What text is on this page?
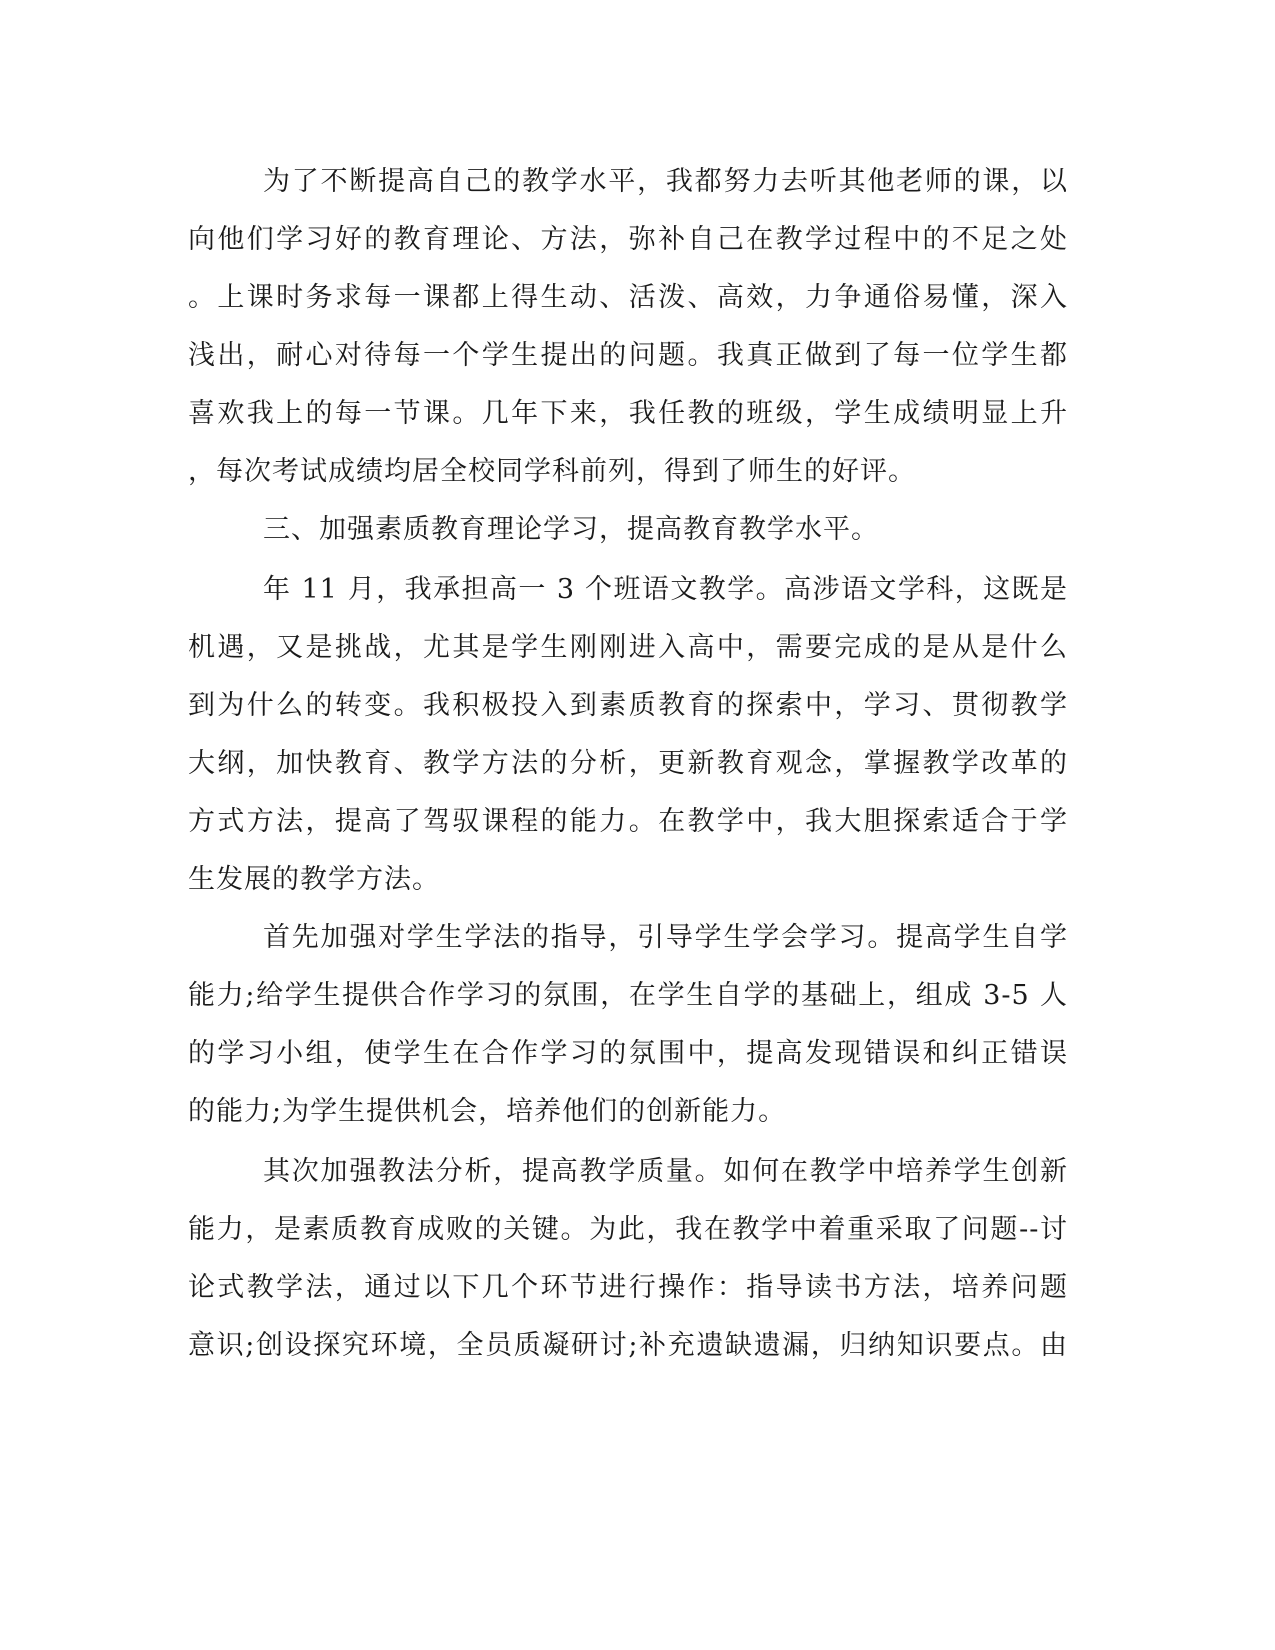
为了不断提高自己的教学水平，我都努力去听其他老师的课，以
向他们学习好的教育理论、方法，弥补自己在教学过程中的不足之处
。上课时务求每一课都上得生动、活泼、高效，力争通俗易懂，深入
浅出，耐心对待每一个学生提出的问题。我真正做到了每一位学生都
喜欢我上的每一节课。几年下来，我任教的班级，学生成绩明显上升
，每次考试成绩均居全校同学科前列，得到了师生的好评。
三、加强素质教育理论学习，提高教育教学水平。
年 11 月，我承担高一 3 个班语文教学。高涉语文学科，这既是
机遇，又是挑战，尤其是学生刚刚进入高中，需要完成的是从是什么
到为什么的转变。我积极投入到素质教育的探索中，学习、贯彻教学
大纲，加快教育、教学方法的分析，更新教育观念，掌握教学改革的
方式方法，提高了驾驭课程的能力。在教学中，我大胆探索适合于学
生发展的教学方法。
首先加强对学生学法的指导，引导学生学会学习。提高学生自学
能力;给学生提供合作学习的氛围，在学生自学的基础上，组成 3-5 人
的学习小组，使学生在合作学习的氛围中，提高发现错误和纠正错误
的能力;为学生提供机会，培养他们的创新能力。
其次加强教法分析，提高教学质量。如何在教学中培养学生创新
能力，是素质教育成败的关键。为此，我在教学中着重采取了问题--讨
论式教学法，通过以下几个环节进行操作：指导读书方法，培养问题
意识;创设探究环境，全员质凝研讨;补充遗缺遗漏，归纳知识要点。由
